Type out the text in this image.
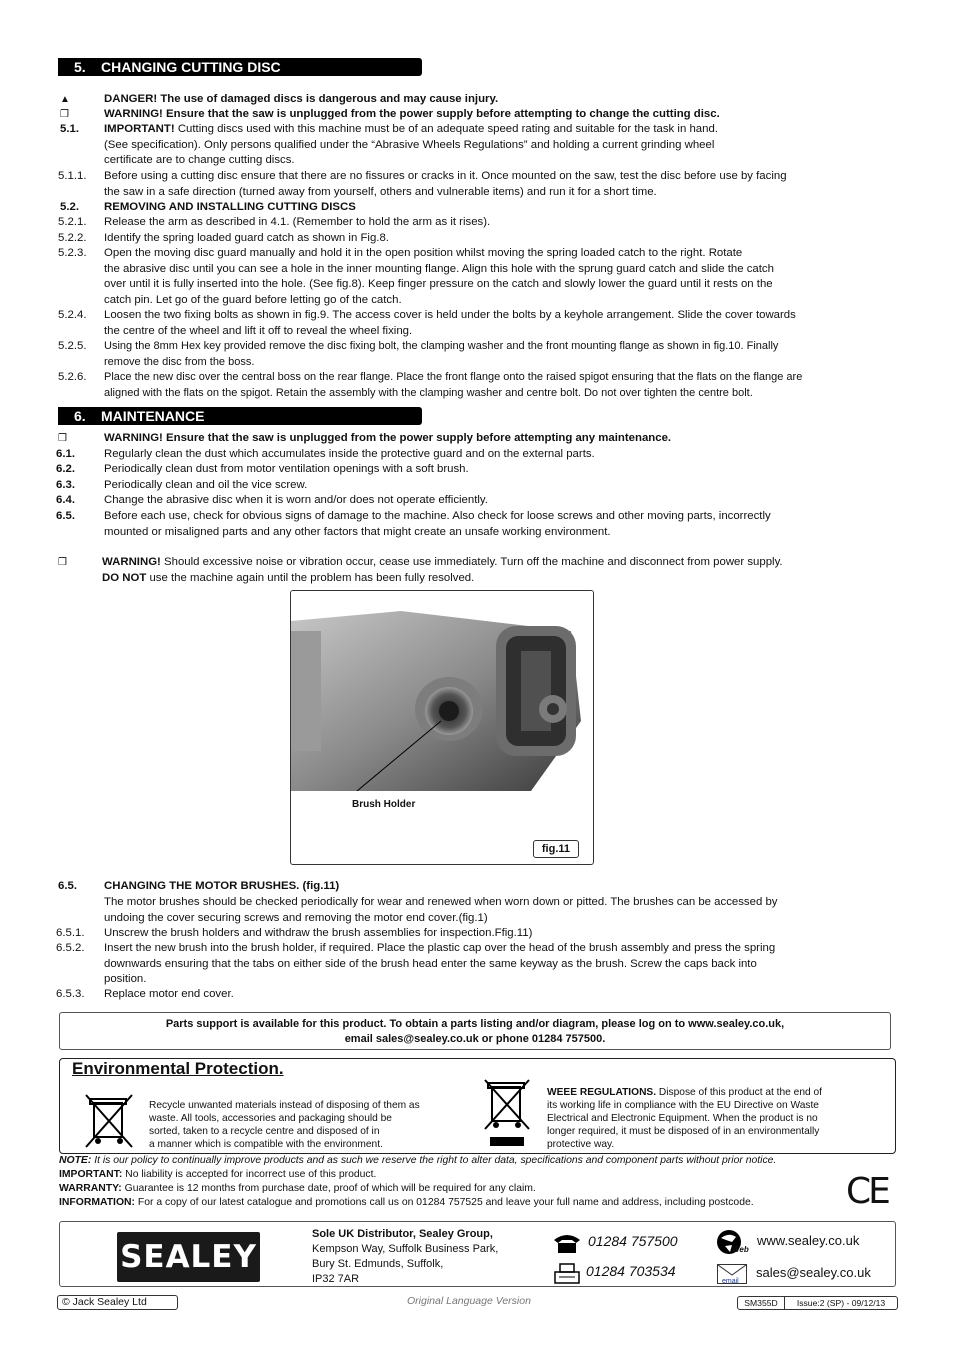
5. CHANGING CUTTING DISC
▲	DANGER! The use of damaged discs is dangerous and may cause injury.
❒	WARNING! Ensure that the saw is unplugged from the power supply before attempting to change the cutting disc.
5.1.	IMPORTANT! Cutting discs used with this machine must be of an adequate speed rating and suitable for the task in hand.
(See specification). Only persons qualified under the “Abrasive Wheels Regulations” and holding a current grinding wheel
certificate are to change cutting discs.
5.1.1.	Before using a cutting disc ensure that there are no fissures or cracks in it. Once mounted on the saw, test the disc before use by facing
the saw in a safe direction (turned away from yourself, others and vulnerable items) and run it for a short time.
5.2.	REMOVING AND INSTALLING CUTTING DISCS
5.2.1.	Release the arm as described in 4.1. (Remember to hold the arm as it rises).
5.2.2.	Identify the spring loaded guard catch as shown in Fig.8.
5.2.3.	Open the moving disc guard manually and hold it in the open position whilst moving the spring loaded catch to the right. Rotate
the abrasive disc until you can see a hole in the inner mounting flange. Align this hole with the sprung guard catch and slide the catch
over until it is fully inserted into the hole. (See fig.8). Keep finger pressure on the catch and slowly lower the guard until it rests on the
catch pin. Let go of the guard before letting go of the catch.
5.2.4.	Loosen the two fixing bolts as shown in fig.9. The access cover is held under the bolts by a keyhole arrangement. Slide the cover towards
the centre of the wheel and lift it off to reveal the wheel fixing.
5.2.5.	Using the 8mm Hex key provided remove the disc fixing bolt, the clamping washer and the front mounting flange as shown in fig.10. Finally
remove the disc from the boss.
5.2.6.	Place the new disc over the central boss on the rear flange. Place the front flange onto the raised spigot ensuring that the flats on the flange are
aligned with the flats on the spigot. Retain the assembly with the clamping washer and centre bolt. Do not over tighten the centre bolt.
6. MAINTENANCE
❒	WARNING! Ensure that the saw is unplugged from the power supply before attempting any maintenance.
6.1.	Regularly clean the dust which accumulates inside the protective guard and on the external parts.
6.2.	Periodically clean dust from motor ventilation openings with a soft brush.
6.3.	Periodically clean and oil the vice screw.
6.4.	Change the abrasive disc when it is worn and/or does not operate efficiently.
6.5.	Before each use, check for obvious signs of damage to the machine. Also check for loose screws and other moving parts, incorrectly
mounted or misaligned parts and any other factors that might create an unsafe working environment.
❒	WARNING! Should excessive noise or vibration occur, cease use immediately. Turn off the machine and disconnect from power supply.
DO NOT use the machine again until the problem has been fully resolved.
Brush Holder
fig.11
6.5.	CHANGING THE MOTOR BRUSHES. (fig.11)
The motor brushes should be checked periodically for wear and renewed when worn down or pitted. The brushes can be accessed by
undoing the cover securing screws and removing the motor end cover.(fig.1)
6.5.1.	Unscrew the brush holders and withdraw the brush assemblies for inspection.Ffig.11)
6.5.2.	Insert the new brush into the brush holder, if required. Place the plastic cap over the head of the brush assembly and press the spring
downwards ensuring that the tabs on either side of the brush head enter the same keyway as the brush. Screw the caps back into
position.
6.5.3.	Replace motor end cover.
Parts support is available for this product. To obtain a parts listing and/or diagram, please log on to www.sealey.co.uk,
email sales@sealey.co.uk or phone 01284 757500.
Environmental Protection.
Recycle unwanted materials instead of disposing of them as
waste. All tools, accessories and packaging should be
sorted, taken to a recycle centre and disposed of in
a manner which is compatible with the environment.
WEEE REGULATIONS. Dispose of this product at the end of
its working life in compliance with the EU Directive on Waste
Electrical and Electronic Equipment. When the product is no
longer required, it must be disposed of in an environmentally
protective way.
NOTE: It is our policy to continually improve products and as such we reserve the right to alter data, specifications and component parts without prior notice.
IMPORTANT: No liability is accepted for incorrect use of this product.
WARRANTY: Guarantee is 12 months from purchase date, proof of which will be required for any claim.
INFORMATION: For a copy of our latest catalogue and promotions call us on 01284 757525 and leave your full name and address, including postcode.	CE
SEALEY
Sole UK Distributor, Sealey Group,
Kempson Way, Suffolk Business Park,
Bury St. Edmunds, Suffolk,
IP32 7AR
01284 757500
01284 703534
Web
www.sealey.co.uk
email
sales@sealey.co.uk
© Jack Sealey Ltd	Original Language Version	SM355D	Issue:2 (SP) - 09/12/13
